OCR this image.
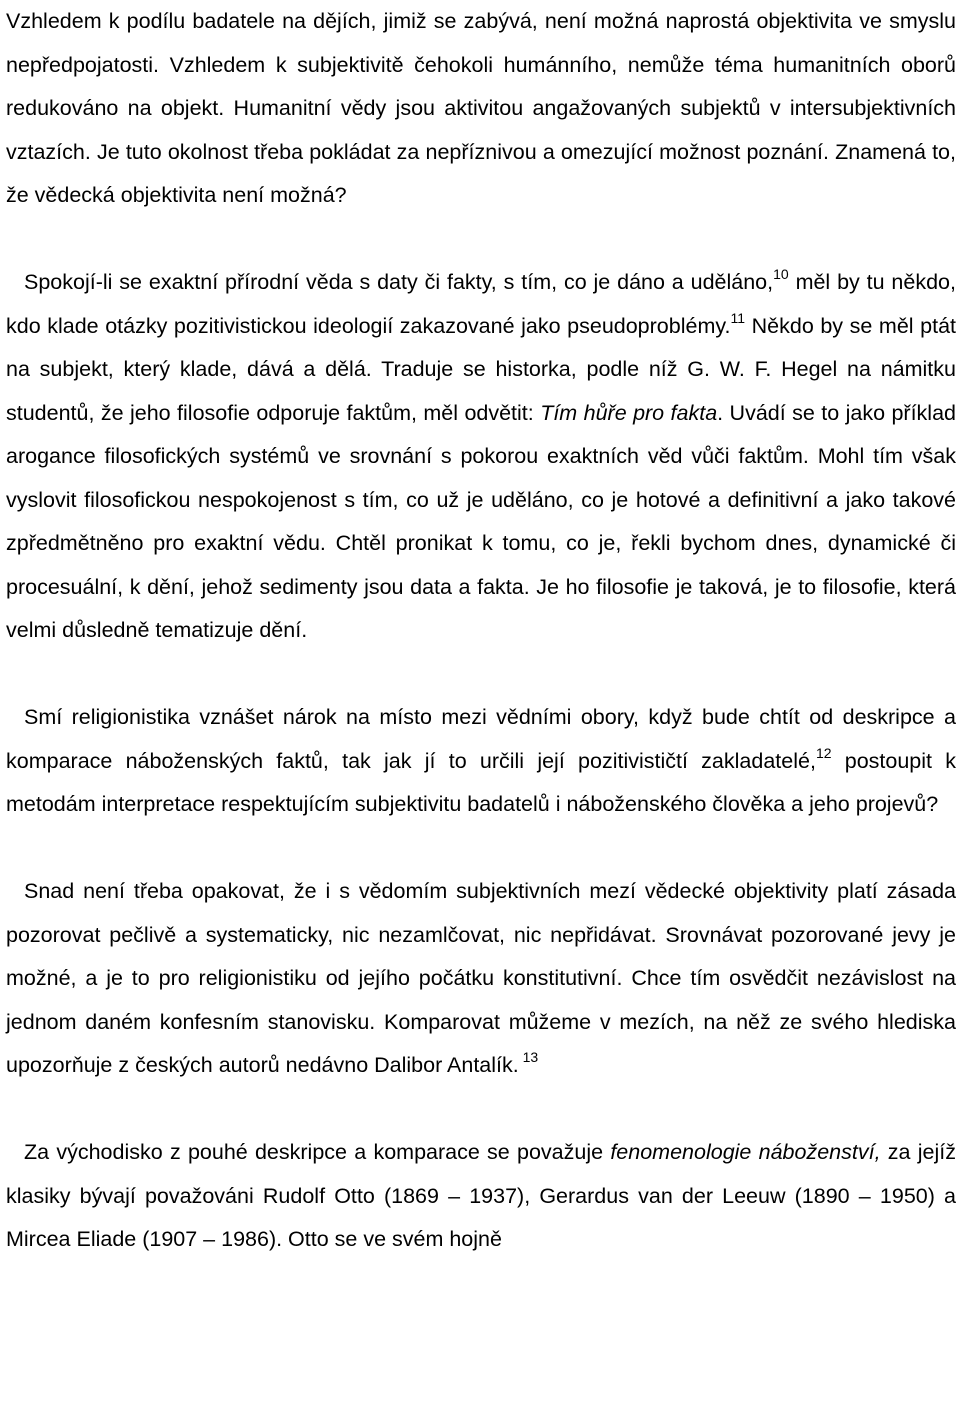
Vzhledem k podílu badatele na dějích, jimiž se zabývá, není možná naprostá objektivita ve smyslu nepředpojatosti. Vzhledem k subjektivitě čehokoli humánního, nemůže téma humanitních oborů redukováno na objekt. Humanitní vědy jsou aktivitou angažovaných subjektů v intersubjektivních vztazích. Je tuto okolnost třeba pokládat za nepříznivou a omezující možnost poznání. Znamená to, že vědecká objektivita není možná?

Spokojí-li se exaktní přírodní věda s daty či fakty, s tím, co je dáno a uděláno,$^{10}$ měl by tu někdo, kdo klade otázky pozitivistickou ideologií zakazované jako pseudoproblémy.$^{11}$ Někdo by se měl ptát na subjekt, který klade, dává a dělá. Traduje se historka, podle níž G. W. F. Hegel na námitku studentů, že jeho filosofie odporuje faktům, měl odvětit: Tím hůře pro fakta. Uvádí se to jako příklad arogance filosofických systémů ve srovnání s pokorou exaktních věd vůči faktům. Mohl tím však vyslovit filosofickou nespokojenost s tím, co už je uděláno, co je hotové a definitivní a jako takové zpředmětněno pro exaktní vědu. Chtěl pronikat k tomu, co je, řekli bychom dnes, dynamické či procesuální, k dění, jehož sedimenty jsou data a fakta. Je ho filosofie je taková, je to filosofie, která velmi důsledně tematizuje dění.

Smí religionistika vznášet nárok na místo mezi vědními obory, když bude chtít od deskripce a komparace náboženských faktů, tak jak jí to určili její pozitivističtí zakladatelé,$^{12}$ postoupit k metodám interpretace respektujícím subjektivitu badatelů i náboženského člověka a jeho projevů?

Snad není třeba opakovat, že i s vědomím subjektivních mezí vědecké objektivity platí zásada pozorovat pečlivě a systematicky, nic nezamlčovat, nic nepřidávat. Srovnávat pozorované jevy je možné, a je to pro religionistiku od jejího počátku konstitutivní. Chce tím osvědčit nezávislost na jednom daném konfesním stanovisku. Komparovat můžeme v mezích, na něž ze svého hlediska upozorňuje z českých autorů nedávno Dalibor Antalík. $^{13}$

Za východisko z pouhé deskripce a komparace se považuje fenomenologie náboženství, za jejíž klasiky bývají považováni Rudolf Otto (1869 – 1937), Gerardus van der Leeuw (1890 – 1950) a Mircea Eliade (1907 – 1986). Otto se ve svém hojně
